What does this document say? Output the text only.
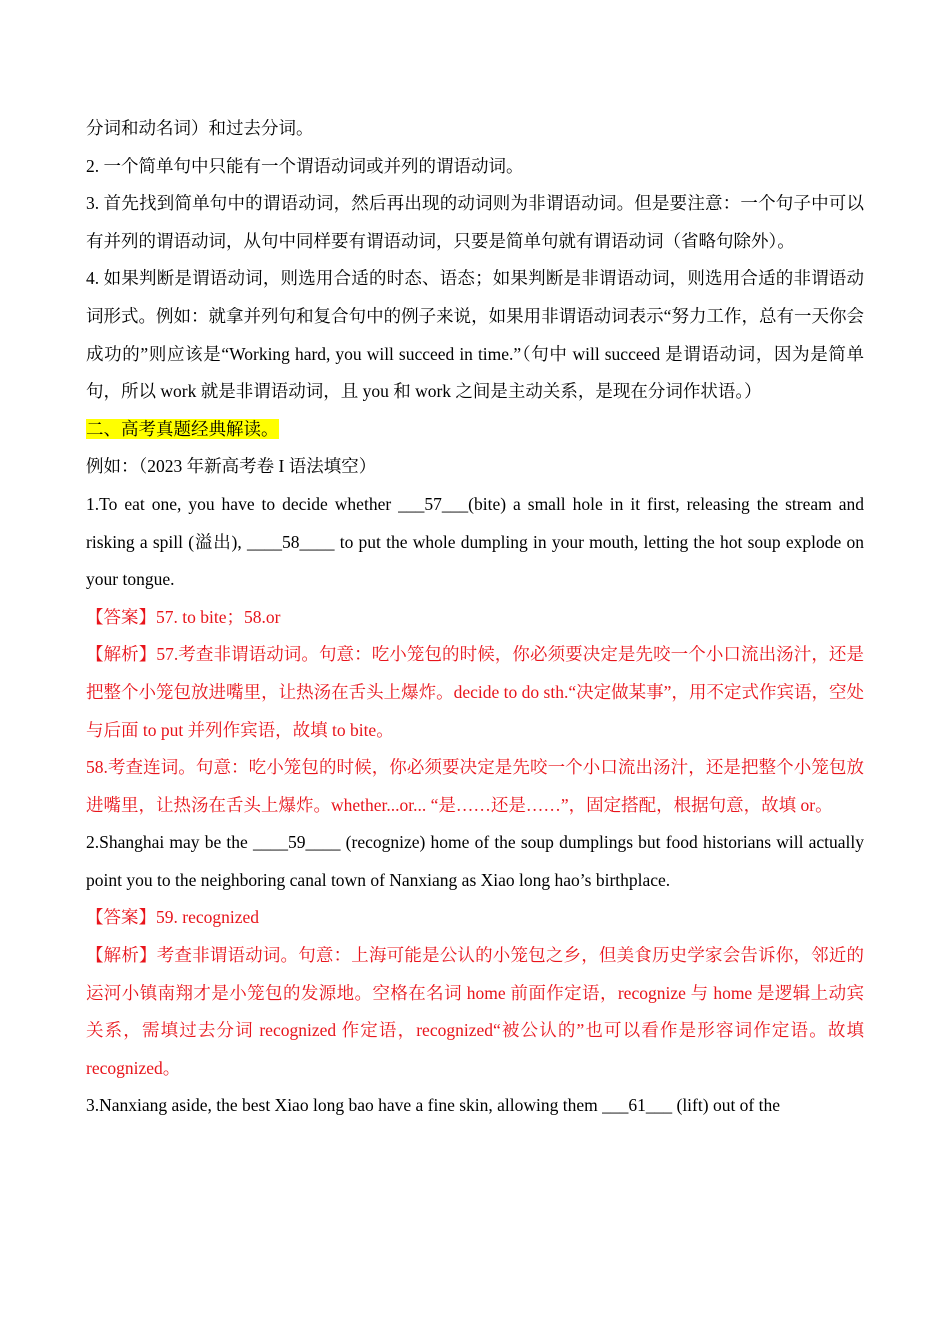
分词和动名词）和过去分词。

2. 一个简单句中只能有一个谓语动词或并列的谓语动词。

3. 首先找到简单句中的谓语动词，然后再出现的动词则为非谓语动词。但是要注意：一个句子中可以有并列的谓语动词，从句中同样要有谓语动词，只要是简单句就有谓语动词（省略句除外）。

4. 如果判断是谓语动词，则选用合适的时态、语态；如果判断是非谓语动词，则选用合适的非谓语动词形式。例如：就拿并列句和复合句中的例子来说，如果用非谓语动词表示“努力工作，总有一天你会成功的”则应该是“Working hard, you will succeed in time.”（句中 will succeed 是谓语动词，因为是简单句，所以 work 就是非谓语动词，且 you 和 work 之间是主动关系，是现在分词作状语。）

二、高考真题经典解读。

例如：（2023 年新高考卷 I 语法填空）

1.To eat one, you have to decide whether ___57___(bite) a small hole in it first, releasing the stream and risking a spill (溢出), ____58____ to put the whole dumpling in your mouth, letting the hot soup explode on your tongue.

【答案】57. to bite；58.or

【解析】57.考查非谓语动词。句意：吃小笼包的时候，你必须要决定是先咬一个小口流出汤汁，还是把整个小笼包放进嘴里，让热汤在舌头上爆炸。decide to do sth.“决定做某事”，用不定式作宾语，空处与后面 to put 并列作宾语，故填 to bite。

58.考查连词。句意：吃小笼包的时候，你必须要决定是先咬一个小口流出汤汁，还是把整个小笼包放进嘴里，让热汤在舌头上爆炸。whether...or... “是……还是……”，固定搭配，根据句意，故填 or。

2.Shanghai may be the ____59____ (recognize) home of the soup dumplings but food historians will actually point you to the neighboring canal town of Nanxiang as Xiao long hao’s birthplace.

【答案】59. recognized

【解析】考查非谓语动词。句意：上海可能是公认的小笼包之乡，但美食历史学家会告诉你，邻近的运河小镇南翔才是小笼包的发源地。空格在名词 home 前面作定语，recognize 与 home 是逻辑上动宾关系，需填过去分词 recognized 作定语，recognized“被公认的”也可以看作是形容词作定语。故填 recognized。

3.Nanxiang aside, the best Xiao long bao have a fine skin, allowing them ___61___ (lift) out of the
